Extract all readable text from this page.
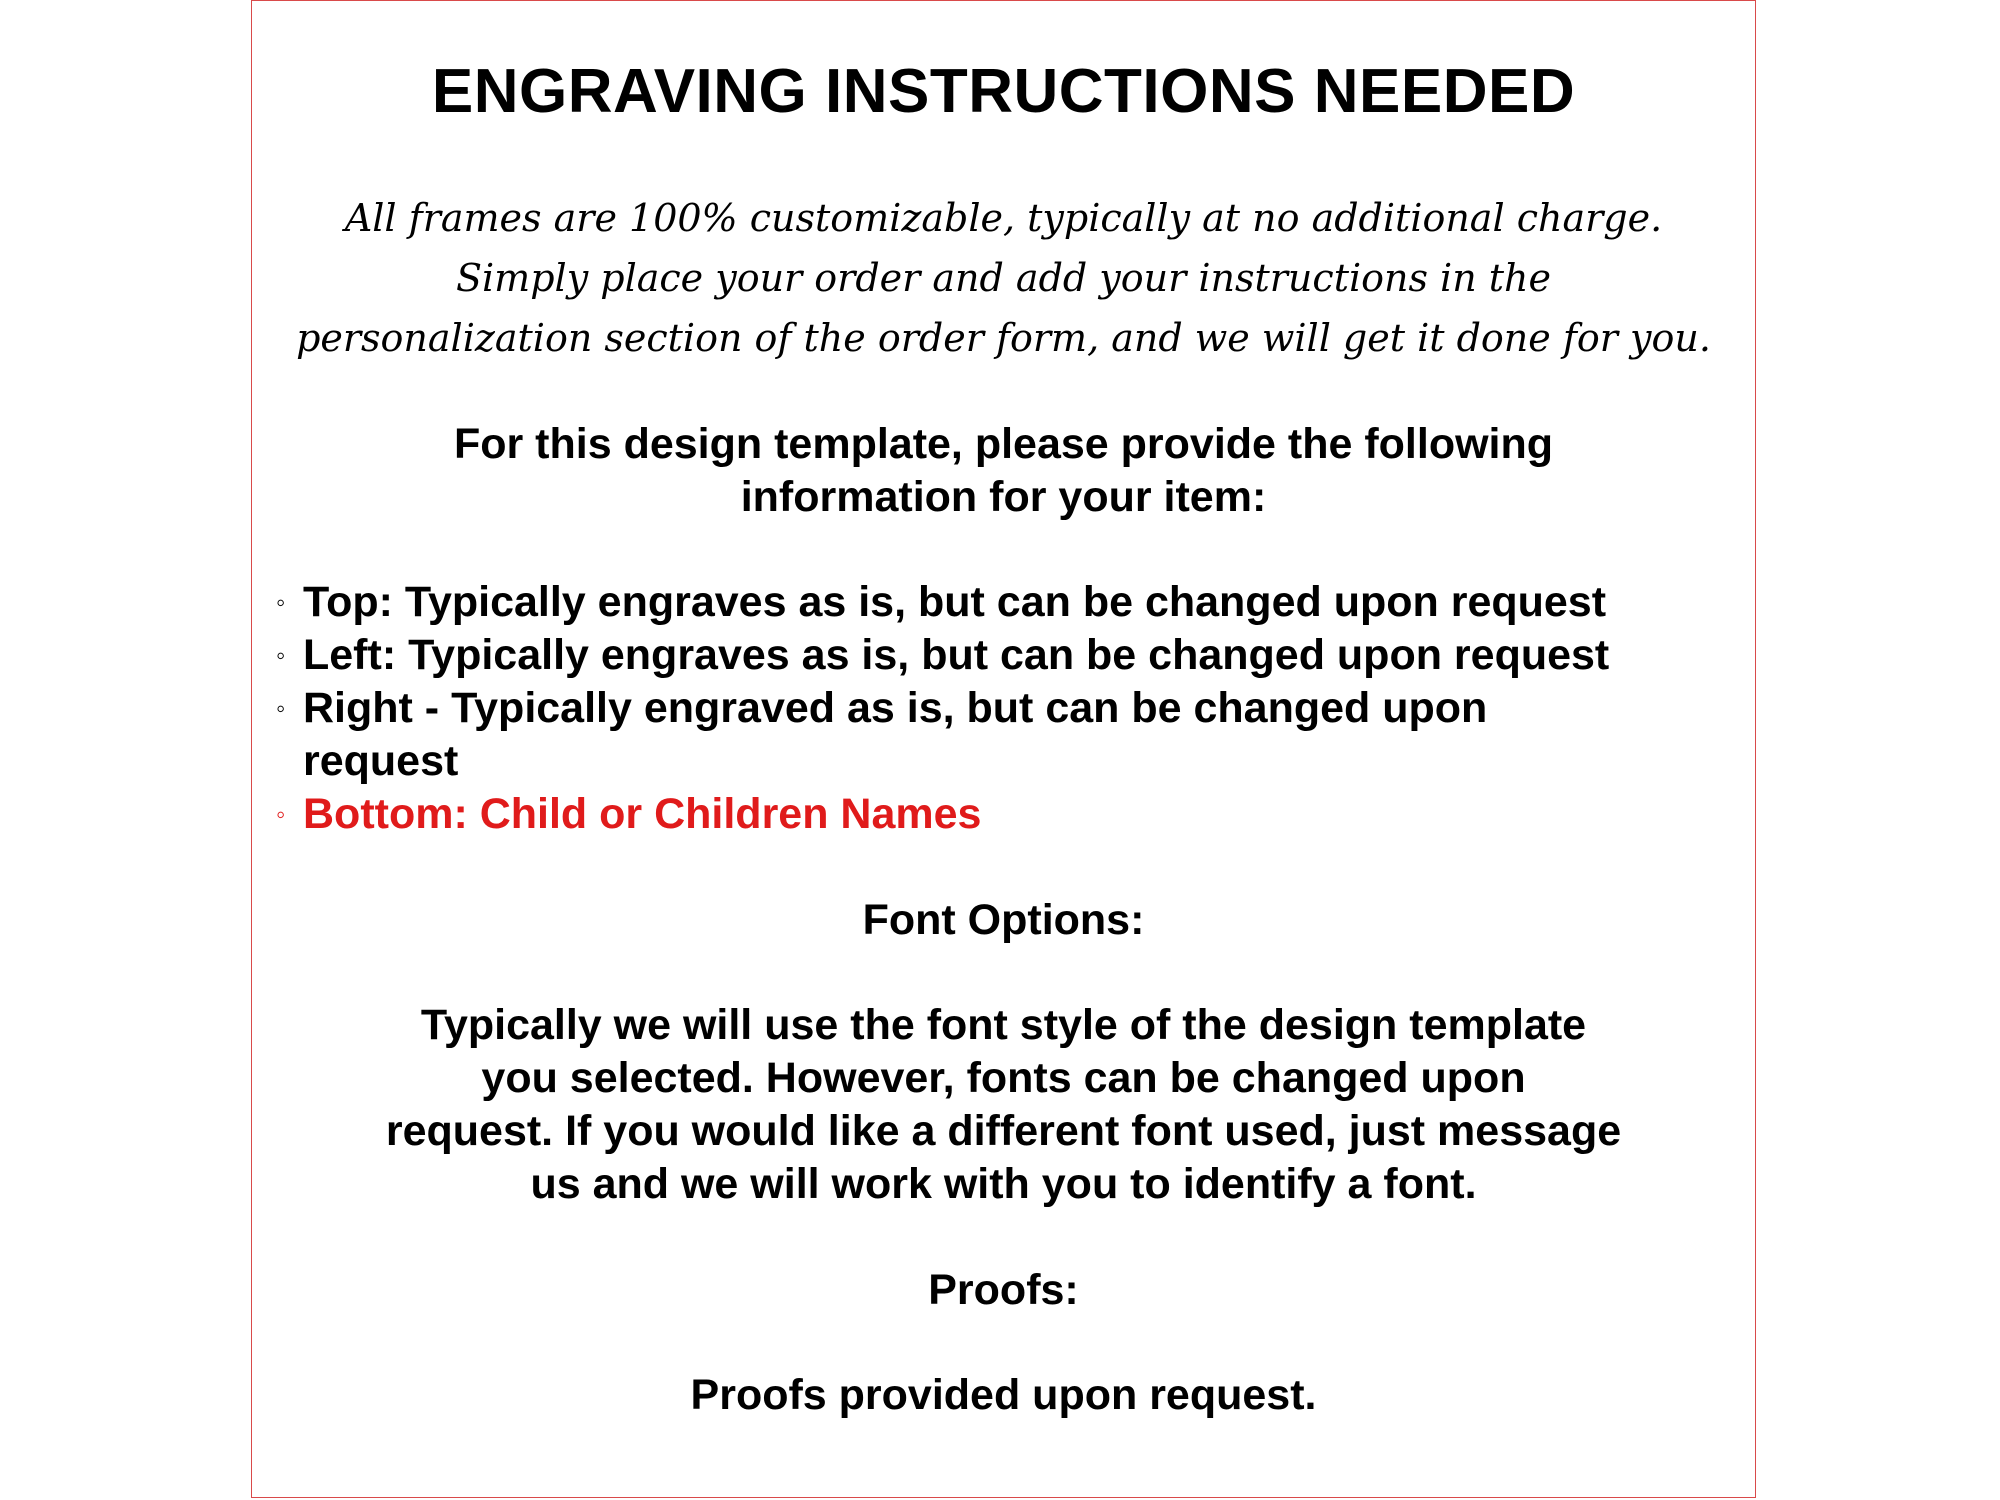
ENGRAVING INSTRUCTIONS NEEDED
All frames are 100% customizable, typically at no additional charge.
Simply place your order and add your instructions in the
personalization section of the order form, and we will get it done for you.
For this design template, please provide the following
information for your item:
◦ Top: Typically engraves as is, but can be changed upon request
◦ Left: Typically engraves as is, but can be changed upon request
◦ Right - Typically engraved as is, but can be changed upon request
◦ Bottom: Child or Children Names
Font Options:
Typically we will use the font style of the design template
you selected. However, fonts can be changed upon
request. If you would like a different font used, just message
us and we will work with you to identify a font.
Proofs:
Proofs provided upon request.
